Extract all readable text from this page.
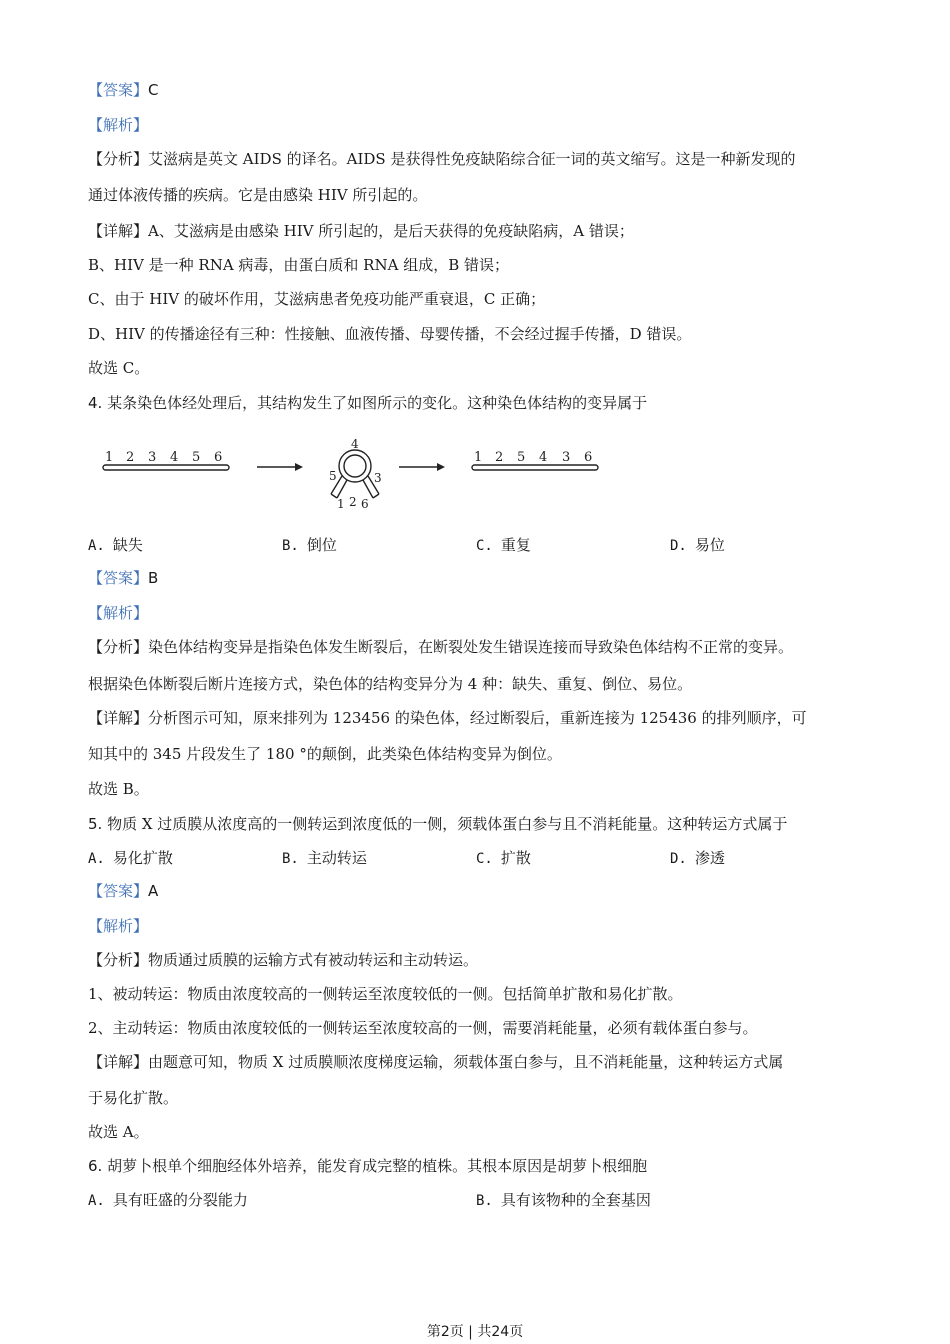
【答案】C
【解析】
【分析】艾滋病是英文 AIDS 的译名。AIDS 是获得性免疫缺陷综合征一词的英文缩写。这是一种新发现的
通过体液传播的疾病。它是由感染 HIV 所引起的。
【详解】A、艾滋病是由感染 HIV 所引起的，是后天获得的免疫缺陷病，A 错误；
B、HIV 是一种 RNA 病毒，由蛋白质和 RNA 组成，B 错误；
C、由于 HIV 的破坏作用，艾滋病患者免疫功能严重衰退，C 正确；
D、HIV 的传播途径有三种：性接触、血液传播、母婴传播，不会经过握手传播，D 错误。
故选 C。
4. 某条染色体经处理后，其结构发生了如图所示的变化。这种染色体结构的变异属于
1 2 3 4 5 6
4
5	3
1 2 6
1 2 5 4 3 6
A. 缺失	B. 倒位	C. 重复	D. 易位
【答案】B
【解析】
【分析】染色体结构变异是指染色体发生断裂后，在断裂处发生错误连接而导致染色体结构不正常的变异。
根据染色体断裂后断片连接方式，染色体的结构变异分为 4 种：缺失、重复、倒位、易位。
【详解】分析图示可知，原来排列为 123456 的染色体，经过断裂后，重新连接为 125436 的排列顺序，可
知其中的 345 片段发生了 180 °的颠倒，此类染色体结构变异为倒位。
故选 B。
5. 物质 X 过质膜从浓度高的一侧转运到浓度低的一侧，须载体蛋白参与且不消耗能量。这种转运方式属于
A. 易化扩散	B. 主动转运	C. 扩散	D. 渗透
【答案】A
【解析】
【分析】物质通过质膜的运输方式有被动转运和主动转运。
1、被动转运：物质由浓度较高的一侧转运至浓度较低的一侧。包括简单扩散和易化扩散。
2、主动转运：物质由浓度较低的一侧转运至浓度较高的一侧，需要消耗能量，必须有载体蛋白参与。
【详解】由题意可知，物质 X 过质膜顺浓度梯度运输，须载体蛋白参与，且不消耗能量，这种转运方式属
于易化扩散。
故选 A。
6. 胡萝卜根单个细胞经体外培养，能发育成完整的植株。其根本原因是胡萝卜根细胞
A. 具有旺盛的分裂能力	B. 具有该物种的全套基因
第2页 | 共24页
